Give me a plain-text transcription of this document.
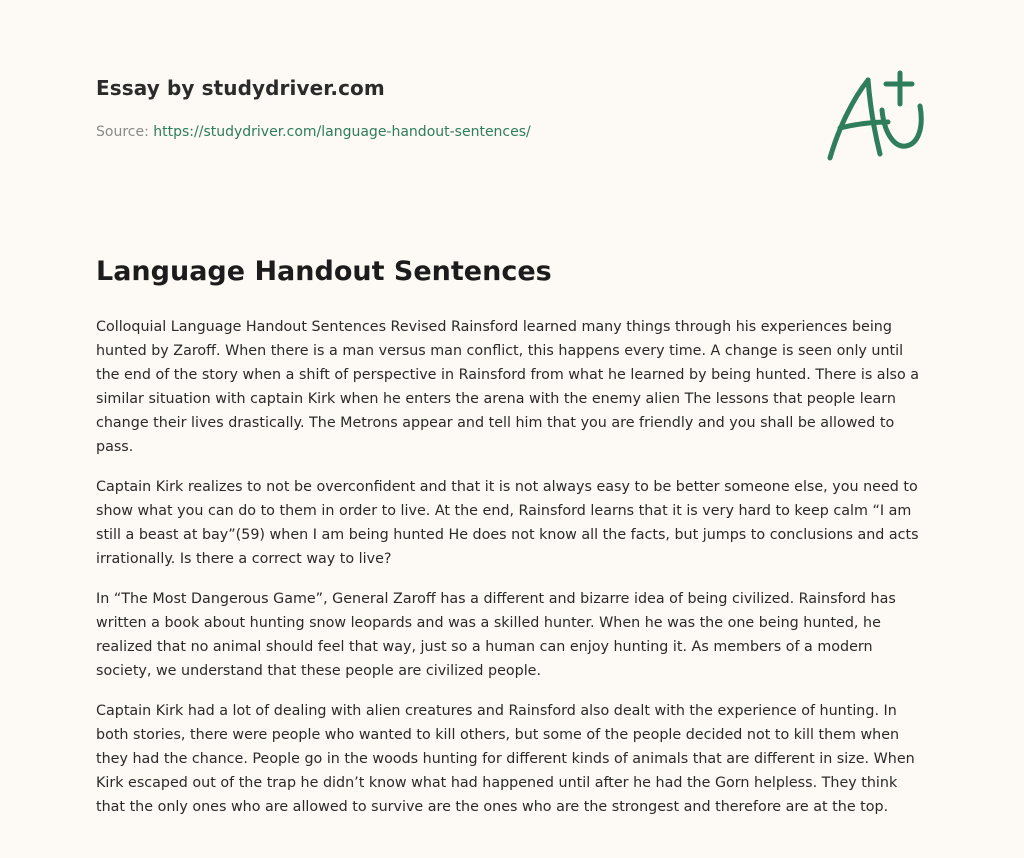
Essay by studydriver.com
Source: https://studydriver.com/language-handout-sentences/
Language Handout Sentences

Colloquial Language Handout Sentences Revised Rainsford learned many things through his experiences being hunted by Zaroff. When there is a man versus man conflict, this happens every time. A change is seen only until the end of the story when a shift of perspective in Rainsford from what he learned by being hunted. There is also a similar situation with captain Kirk when he enters the arena with the enemy alien The lessons that people learn change their lives drastically. The Metrons appear and tell him that you are friendly and you shall be allowed to pass.

Captain Kirk realizes to not be overconfident and that it is not always easy to be better someone else, you need to show what you can do to them in order to live. At the end, Rainsford learns that it is very hard to keep calm “I am still a beast at bay”(59) when I am being hunted He does not know all the facts, but jumps to conclusions and acts irrationally. Is there a correct way to live?

In “The Most Dangerous Game”, General Zaroff has a different and bizarre idea of being civilized. Rainsford has written a book about hunting snow leopards and was a skilled hunter. When he was the one being hunted, he realized that no animal should feel that way, just so a human can enjoy hunting it. As members of a modern society, we understand that these people are civilized people.

Captain Kirk had a lot of dealing with alien creatures and Rainsford also dealt with the experience of hunting. In both stories, there were people who wanted to kill others, but some of the people decided not to kill them when they had the chance. People go in the woods hunting for different kinds of animals that are different in size. When Kirk escaped out of the trap he didn’t know what had happened until after he had the Gorn helpless. They think that the only ones who are allowed to survive are the ones who are the strongest and therefore are at the top.
